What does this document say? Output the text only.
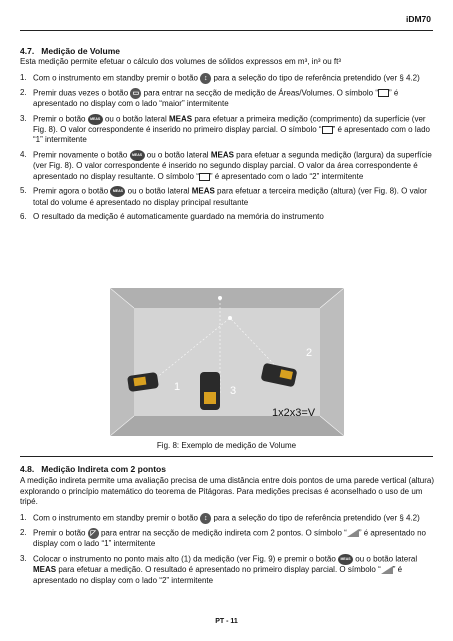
iDM70
4.7. Medição de Volume
Esta medição permite efetuar o cálculo dos volumes de sólidos expressos em m³, in³ ou ft³
1. Com o instrumento em standby premir o botão ↕ para a seleção do tipo de referência pretendido (ver § 4.2)
2. Premir duas vezes o botão ▭ para entrar na secção de medição de Áreas/Volumes. O símbolo “ ” é apresentado no display com o lado “maior” intermitente
3. Premir o botão MEAS ou o botão lateral MEAS para efetuar a primeira medição (comprimento) da superfície (ver Fig. 8). O valor correspondente é inserido no primeiro display parcial. O símbolo “ ” é apresentado com o lado “1” intermitente
4. Premir novamente o botão MEAS ou o botão lateral MEAS para efetuar a segunda medição (largura) da superfície (ver Fig. 8). O valor correspondente é inserido no segundo display parcial. O valor da área correspondente é apresentado no display resultante. O símbolo “ ” é apresentado com o lado “2” intermitente
5. Premir agora o botão MEAS ou o botão lateral MEAS para efetuar a terceira medição (altura) (ver Fig. 8). O valor total do volume é apresentado no display principal resultante
6. O resultado da medição é automaticamente guardado na memória do instrumento
1
2
3
1x2x3=V
Fig. 8: Exemplo de medição de Volume
4.8. Medição Indireta com 2 pontos
A medição indireta permite uma avaliação precisa de uma distância entre dois pontos de uma parede vertical (altura) explorando o princípio matemático do teorema de Pitágoras. Para medições precisas é aconselhado o uso de um tripé.
1. Com o instrumento em standby premir o botão ↕ para a seleção do tipo de referência pretendido (ver § 4.2)
2. Premir o botão ◸ para entrar na secção de medição indireta com 2 pontos. O símbolo “ ” é apresentado no display com o lado “1” intermitente
3. Colocar o instrumento no ponto mais alto (1) da medição (ver Fig. 9) e premir o botão MEAS ou o botão lateral MEAS para efetuar a medição. O resultado é apresentado no primeiro display parcial. O símbolo “ ” é apresentado no display com o lado “2” intermitente
PT - 11
